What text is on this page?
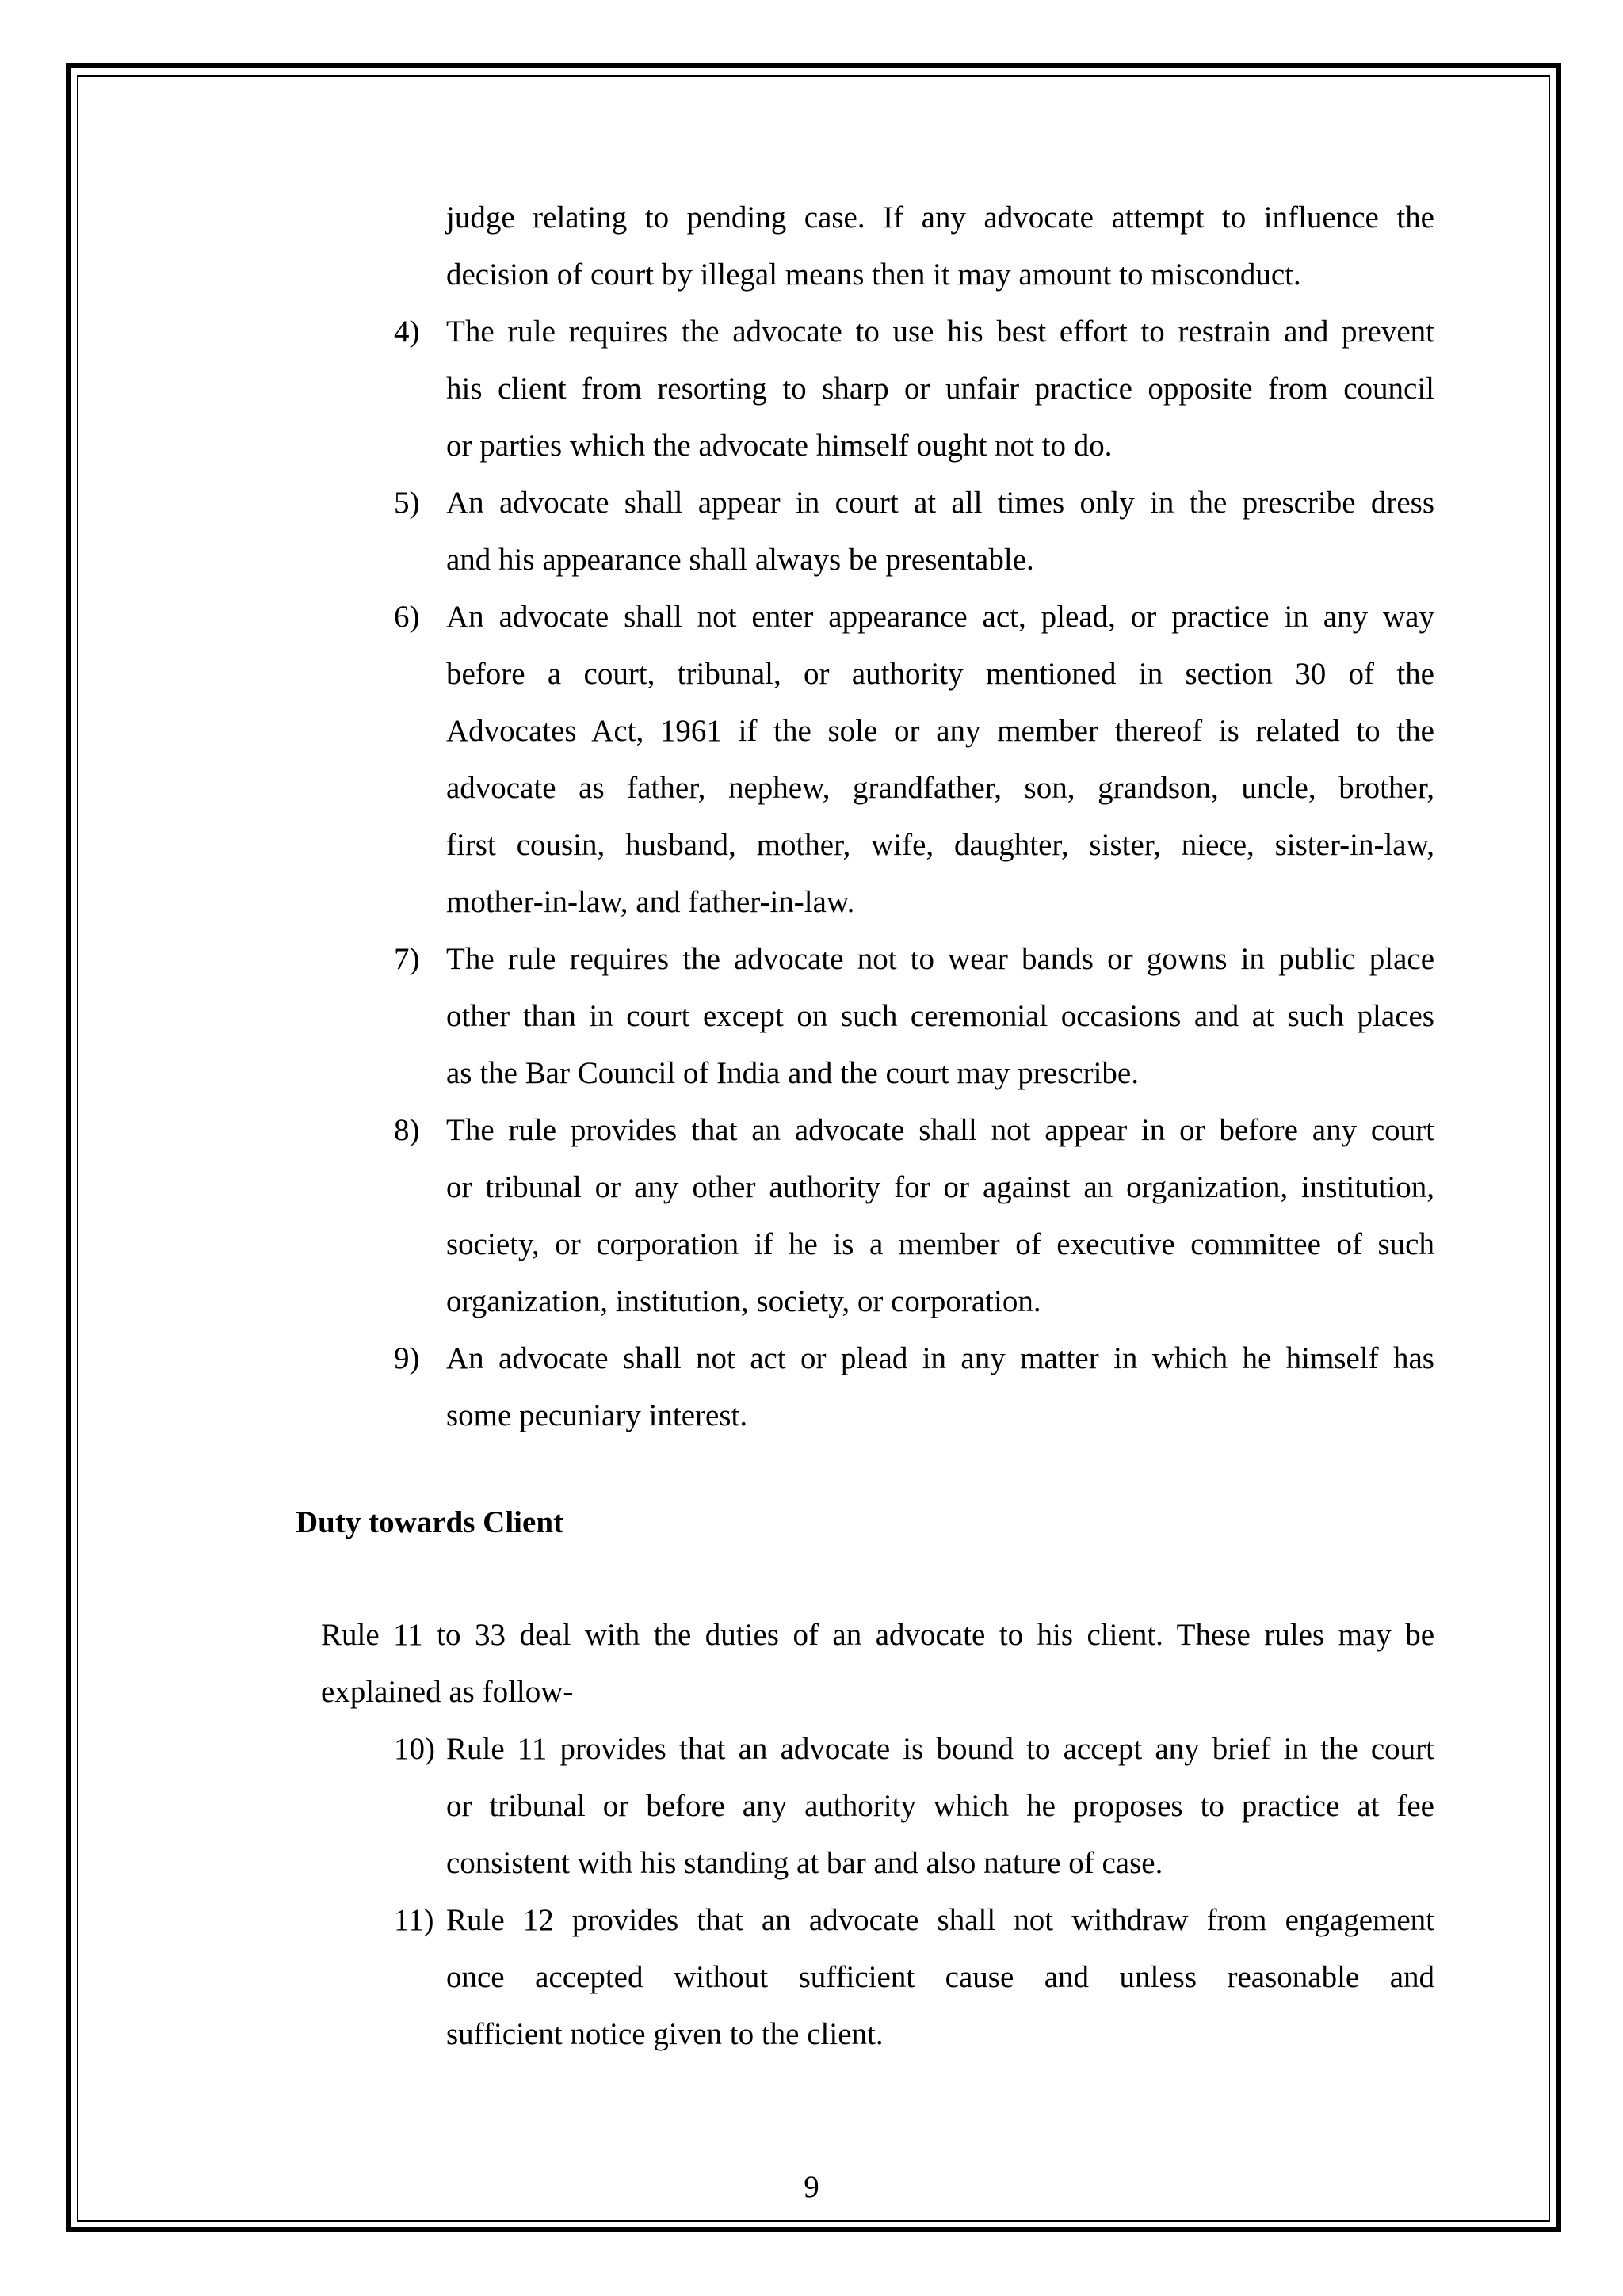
judge relating to pending case. If any advocate attempt to influence the
decision of court by illegal means then it may amount to misconduct.
4) The rule requires the advocate to use his best effort to restrain and prevent
his client from resorting to sharp or unfair practice opposite from council
or parties which the advocate himself ought not to do.
5) An advocate shall appear in court at all times only in the prescribe dress
and his appearance shall always be presentable.
6) An advocate shall not enter appearance act, plead, or practice in any way
before a court, tribunal, or authority mentioned in section 30 of the
Advocates Act, 1961 if the sole or any member thereof is related to the
advocate as father, nephew, grandfather, son, grandson, uncle, brother,
first cousin, husband, mother, wife, daughter, sister, niece, sister-in-law,
mother-in-law, and father-in-law.
7) The rule requires the advocate not to wear bands or gowns in public place
other than in court except on such ceremonial occasions and at such places
as the Bar Council of India and the court may prescribe.
8) The rule provides that an advocate shall not appear in or before any court
or tribunal or any other authority for or against an organization, institution,
society, or corporation if he is a member of executive committee of such
organization, institution, society, or corporation.
9) An advocate shall not act or plead in any matter in which he himself has
some pecuniary interest.
Duty towards Client
Rule 11 to 33 deal with the duties of an advocate to his client. These rules may be
explained as follow-
10) Rule 11 provides that an advocate is bound to accept any brief in the court
or tribunal or before any authority which he proposes to practice at fee
consistent with his standing at bar and also nature of case.
11) Rule 12 provides that an advocate shall not withdraw from engagement
once accepted without sufficient cause and unless reasonable and
sufficient notice given to the client.
9
